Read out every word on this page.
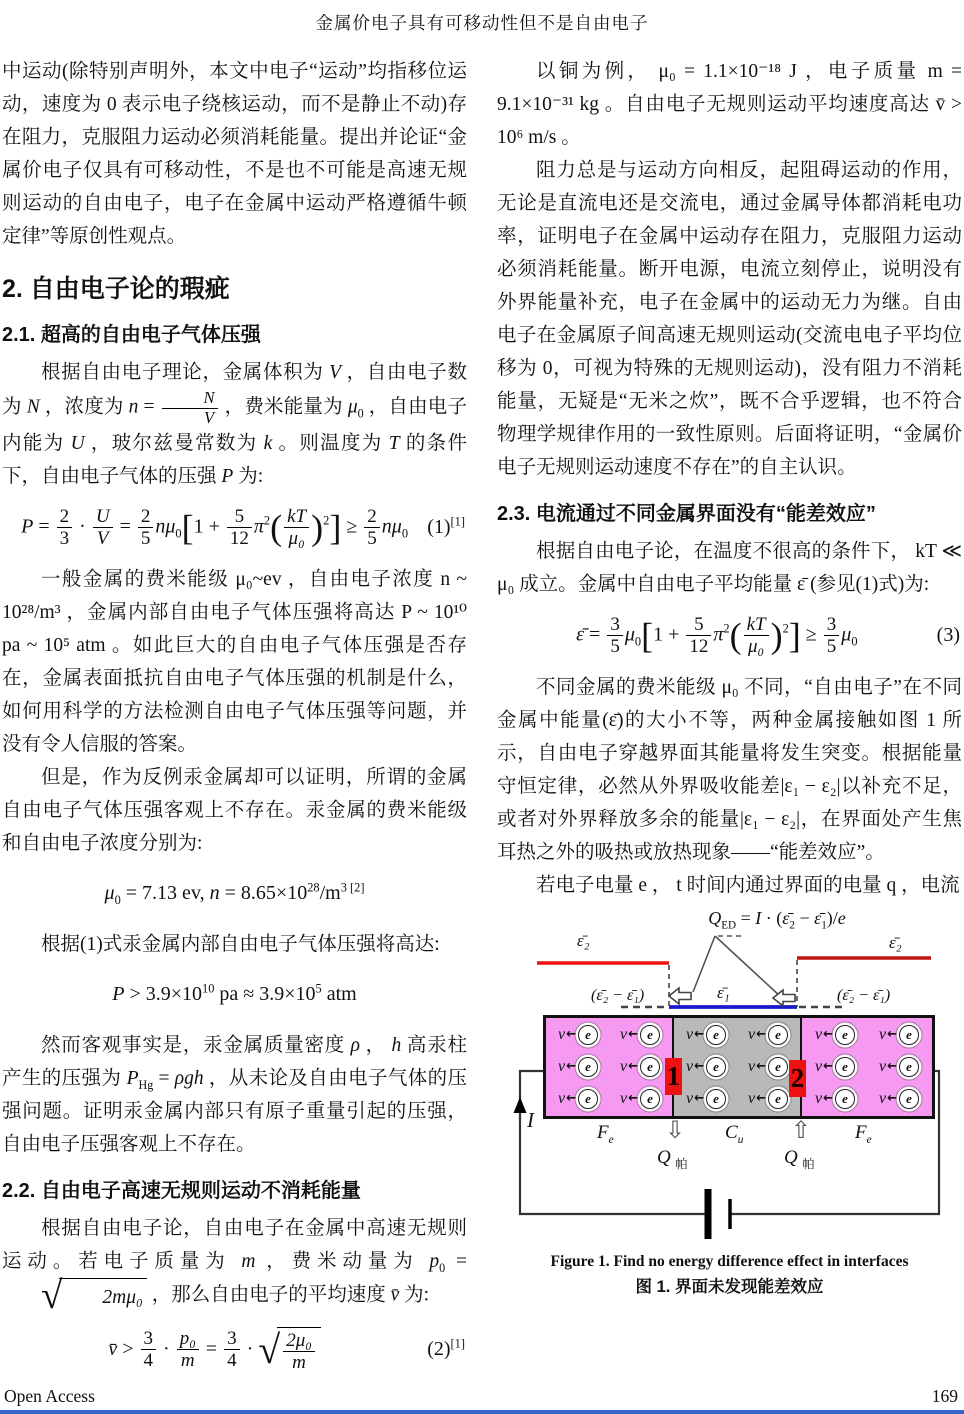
金属价电子具有可移动性但不是自由电子

中运动(除特别声明外，本文中电子“运动”均指移位运动，速度为 0 表示电子绕核运动，而不是静止不动)存在阻力，克服阻力运动必须消耗能量。提出并论证“金属价电子仅具有可移动性，不是也不可能是高速无规则运动的自由电子，电子在金属中运动严格遵循牛顿定律”等原创性观点。

2. 自由电子论的瑕疵
2.1. 超高的自由电子气体压强

根据自由电子理论，金属体积为 V ，自由电子数为 N ，浓度为 $n = \frac{N}{V}$ ，费米能量为 $\mu_0$ ，自由电子内能为 U ，玻尔兹曼常数为 k 。则温度为 T 的条件下，自由电子气体的压强 P 为:

$P = \frac{2}{3} \cdot \frac{U}{V} = \frac{2}{5} n\mu_0[1 + \frac{5}{12} \pi^2( \frac{kT}{\text{μ₀}} )^2] \ge \frac{2}{5} n\mu_0$ (1)[1]

一般金属的费米能级 μ₀~ev ，自由电子浓度 n ~ 10²⁸/m³ ，金属内部自由电子气体压强将高达 P ~ 10¹⁰ pa ~ 10⁵ atm 。如此巨大的自由电子气体压强是否存在，金属表面抵抗自由电子气体压强的机制是什么，如何用科学的方法检测自由电子气体压强等问题，并没有令人信服的答案。

但是，作为反例汞金属却可以证明，所谓的金属自由电子气体压强客观上不存在。汞金属的费米能级和自由电子浓度分别为:

$\mu_0 = 7.13$ ev, $n = 8.65\times 10^{28}/m^3$ [2]

根据(1)式汞金属内部自由电子气体压强将高达:

$P > 3.9\times 10^{10}$ pa ≈ $3.9\times 10^5$ atm

然而客观事实是，汞金属质量密度 ρ ， h 高汞柱产生的压强为 $P_{Hg} = \rho gh$ ，从未论及自由电子气体的压强问题。证明汞金属内部只有原子重量引起的压强，自由电子压强客观上不存在。

2.2. 自由电子高速无规则运动不消耗能量

根据自由电子论，自由电子在金属中高速无规则运动。若电子质量为 m ，费米动量为 $p_0$ =
√	2mμ₀ ，那么自由电子的平均速度 v̄ 为:

v̄ > $\frac{3}{4} \cdot \frac{\text{p₀}}{m} = \frac{3}{4}$ · √ $\frac{\text{2μ₀}}{m}$	(2)[1]

以铜为例， μ₀ = 1.1×10⁻¹⁸ J ，电子质量 m = 9.1×10⁻³¹ kg 。自由电子无规则运动平均速度高达 v̄ > 10⁶ m/s 。

阻力总是与运动方向相反，起阻碍运动的作用，无论是直流电还是交流电，通过金属导体都消耗电功率，证明电子在金属中运动存在阻力，克服阻力运动必须消耗能量。断开电源，电流立刻停止，说明没有外界能量补充，电子在金属中的运动无力为继。自由电子在金属原子间高速无规则运动(交流电电子平均位移为 0，可视为特殊的无规则运动)，没有阻力不消耗能量，无疑是“无米之炊”，既不合乎逻辑，也不符合物理学规律作用的一致性原则。后面将证明，“金属价电子无规则运动速度不存在”的自主认识。

2.3. 电流通过不同金属界面没有“能差效应”

根据自由电子论，在温度不很高的条件下， kT ≪ μ₀ 成立。金属中自由电子平均能量 ε̄ (参见(1)式)为:

ε̄ = $\frac{3}{5} \mu_0[1 + \frac{5}{12} \pi^2( \frac{kT}{\text{μ₀}} )^2] \ge \frac{3}{5} \mu_0$	(3)

不同金属的费米能级 μ₀ 不同，“自由电子”在不同金属中能量(ε̄)的大小不等，两种金属接触如图 1 所示，自由电子穿越界面其能量将发生突变。根据能量守恒定律，必然从外界吸收能差|ε₁ − ε₂|以补充不足，或者对外界释放多余的能量|ε₁ − ε₂|，在界面处产生焦耳热之外的吸热或放热现象——“能差效应”。

若电子电量 e ， t 时间内通过界面的电量 q ，电流

$Q_{ED} = I$ · ($\varepsilon̄_2$ − $\varepsilon̄_1)/e$
ε̄₂	ε̄₂
(ε̄₂ − ε̄₁)	(ε̄₂ − ε̄₁)
ε̄₁
v ← e	v ← e
v ← e	v ← e
v ← e	v ← e
v ← e	v ← e
v ← e	v ← e
v ← e	v ← e
v ← e	v ← e
v ← e	v ← e
v ← e	v ← e
1	2
I
$F_e$ ⇩
Q $_帕$
$C_u$ ⇧
Q $_帕$
$F_e$
Figure 1. Find no energy difference effect in interfaces
图 1. 界面未发现能差效应
Open Access	169
